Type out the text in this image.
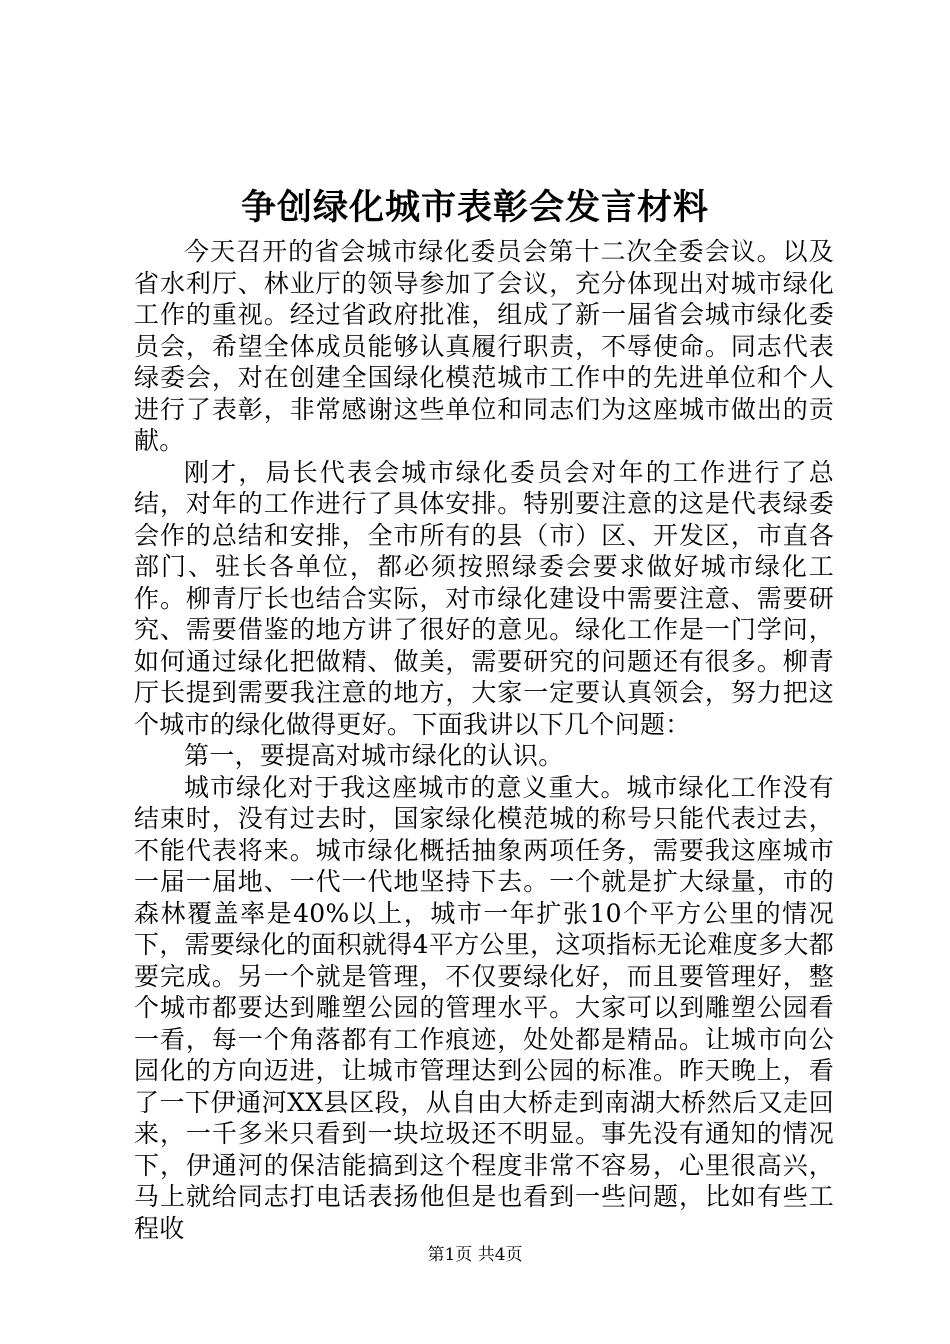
争创绿化城市表彰会发言材料

今天召开的省会城市绿化委员会第十二次全委会议。以及省水利厅、林业厅的领导参加了会议，充分体现出对城市绿化工作的重视。经过省政府批准，组成了新一届省会城市绿化委员会，希望全体成员能够认真履行职责，不辱使命。同志代表绿委会，对在创建全国绿化模范城市工作中的先进单位和个人进行了表彰，非常感谢这些单位和同志们为这座城市做出的贡献。

刚才，局长代表会城市绿化委员会对年的工作进行了总结，对年的工作进行了具体安排。特别要注意的这是代表绿委会作的总结和安排，全市所有的县（市）区、开发区，市直各部门、驻长各单位，都必须按照绿委会要求做好城市绿化工作。柳青厅长也结合实际，对市绿化建设中需要注意、需要研究、需要借鉴的地方讲了很好的意见。绿化工作是一门学问，如何通过绿化把做精、做美，需要研究的问题还有很多。柳青厅长提到需要我注意的地方，大家一定要认真领会，努力把这个城市的绿化做得更好。下面我讲以下几个问题：

第一，要提高对城市绿化的认识。

城市绿化对于我这座城市的意义重大。城市绿化工作没有结束时，没有过去时，国家绿化模范城的称号只能代表过去，不能代表将来。城市绿化概括抽象两项任务，需要我这座城市一届一届地、一代一代地坚持下去。一个就是扩大绿量，市的森林覆盖率是40%以上，城市一年扩张10个平方公里的情况下，需要绿化的面积就得4平方公里，这项指标无论难度多大都要完成。另一个就是管理，不仅要绿化好，而且要管理好，整个城市都要达到雕塑公园的管理水平。大家可以到雕塑公园看一看，每一个角落都有工作痕迹，处处都是精品。让城市向公园化的方向迈进，让城市管理达到公园的标准。昨天晚上，看了一下伊通河XX县区段，从自由大桥走到南湖大桥然后又走回来，一千多米只看到一块垃圾还不明显。事先没有通知的情况下，伊通河的保洁能搞到这个程度非常不容易，心里很高兴，马上就给同志打电话表扬他但是也看到一些问题，比如有些工程收

第1页 共4页
